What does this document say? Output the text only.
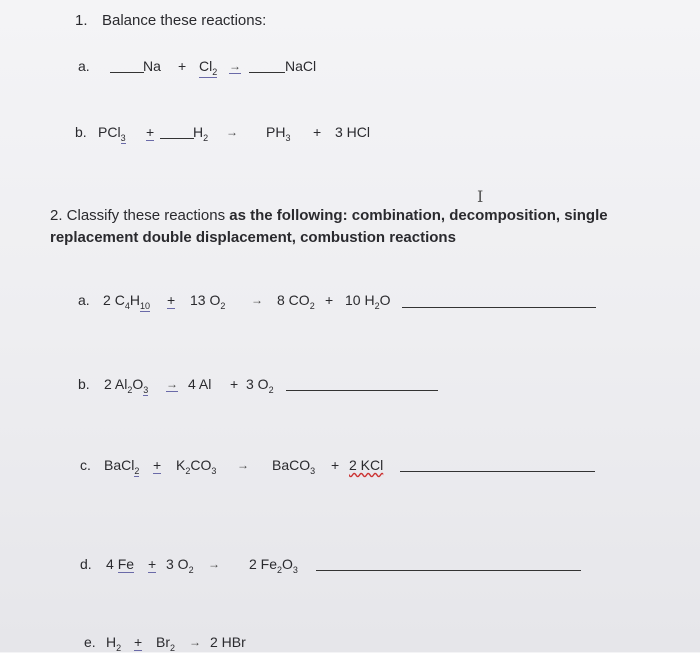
1. Balance these reactions:
a.	$Na + Cl_2$ →	NaCl
b. PCl$_3$ +	$H_2 \to PH_3 + 3$ HCl
I
2. Classify these reactions as the following: combination, decomposition, single
replacement double displacement, combustion reactions
a. 2 $C_4H_{10} + 13$ $O_2 \to 8$ $CO_2 + 10$ $H_2O$
b. 2 $Al_2O_3 \to 4$ Al + 3 $O_2$
c. BaCl$_2$ + $K_2CO_3$ → BaCO$_3$ + 2 KCl
d. 4 Fe + 3 $O_2 \to 2$ $Fe_2O_3$
e. $H_2 + Br_2 \to 2$ HBr
